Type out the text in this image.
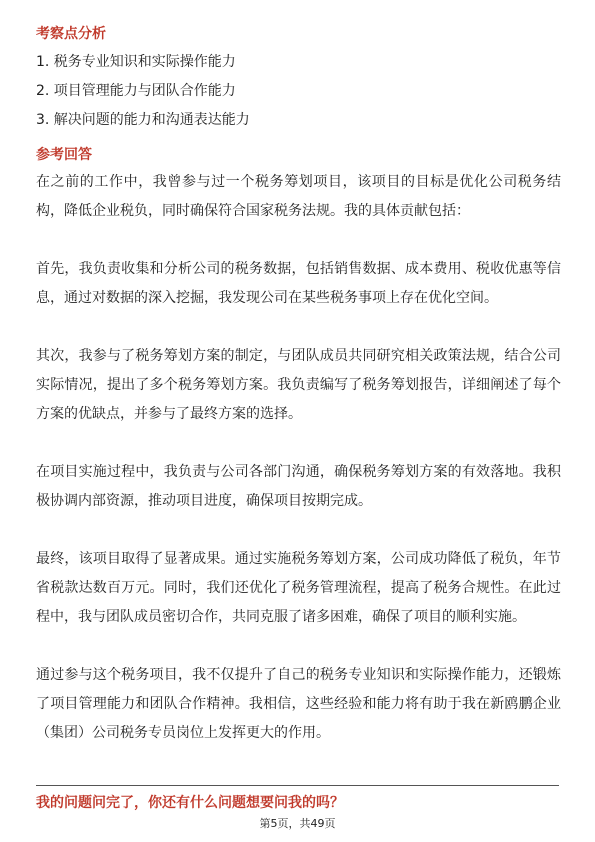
考察点分析
1. 税务专业知识和实际操作能力
2. 项目管理能力与团队合作能力
3. 解决问题的能力和沟通表达能力
参考回答

在之前的工作中，我曾参与过一个税务筹划项目，该项目的目标是优化公司税务结构，降低企业税负，同时确保符合国家税务法规。我的具体贡献包括：

首先，我负责收集和分析公司的税务数据，包括销售数据、成本费用、税收优惠等信息，通过对数据的深入挖掘，我发现公司在某些税务事项上存在优化空间。

其次，我参与了税务筹划方案的制定，与团队成员共同研究相关政策法规，结合公司实际情况，提出了多个税务筹划方案。我负责编写了税务筹划报告，详细阐述了每个方案的优缺点，并参与了最终方案的选择。

在项目实施过程中，我负责与公司各部门沟通，确保税务筹划方案的有效落地。我积极协调内部资源，推动项目进度，确保项目按期完成。

最终，该项目取得了显著成果。通过实施税务筹划方案，公司成功降低了税负，年节省税款达数百万元。同时，我们还优化了税务管理流程，提高了税务合规性。在此过程中，我与团队成员密切合作，共同克服了诸多困难，确保了项目的顺利实施。

通过参与这个税务项目，我不仅提升了自己的税务专业知识和实际操作能力，还锻炼了项目管理能力和团队合作精神。我相信，这些经验和能力将有助于我在新鸥鹏企业（集团）公司税务专员岗位上发挥更大的作用。

我的问题问完了，你还有什么问题想要问我的吗？
第5页，共49页
